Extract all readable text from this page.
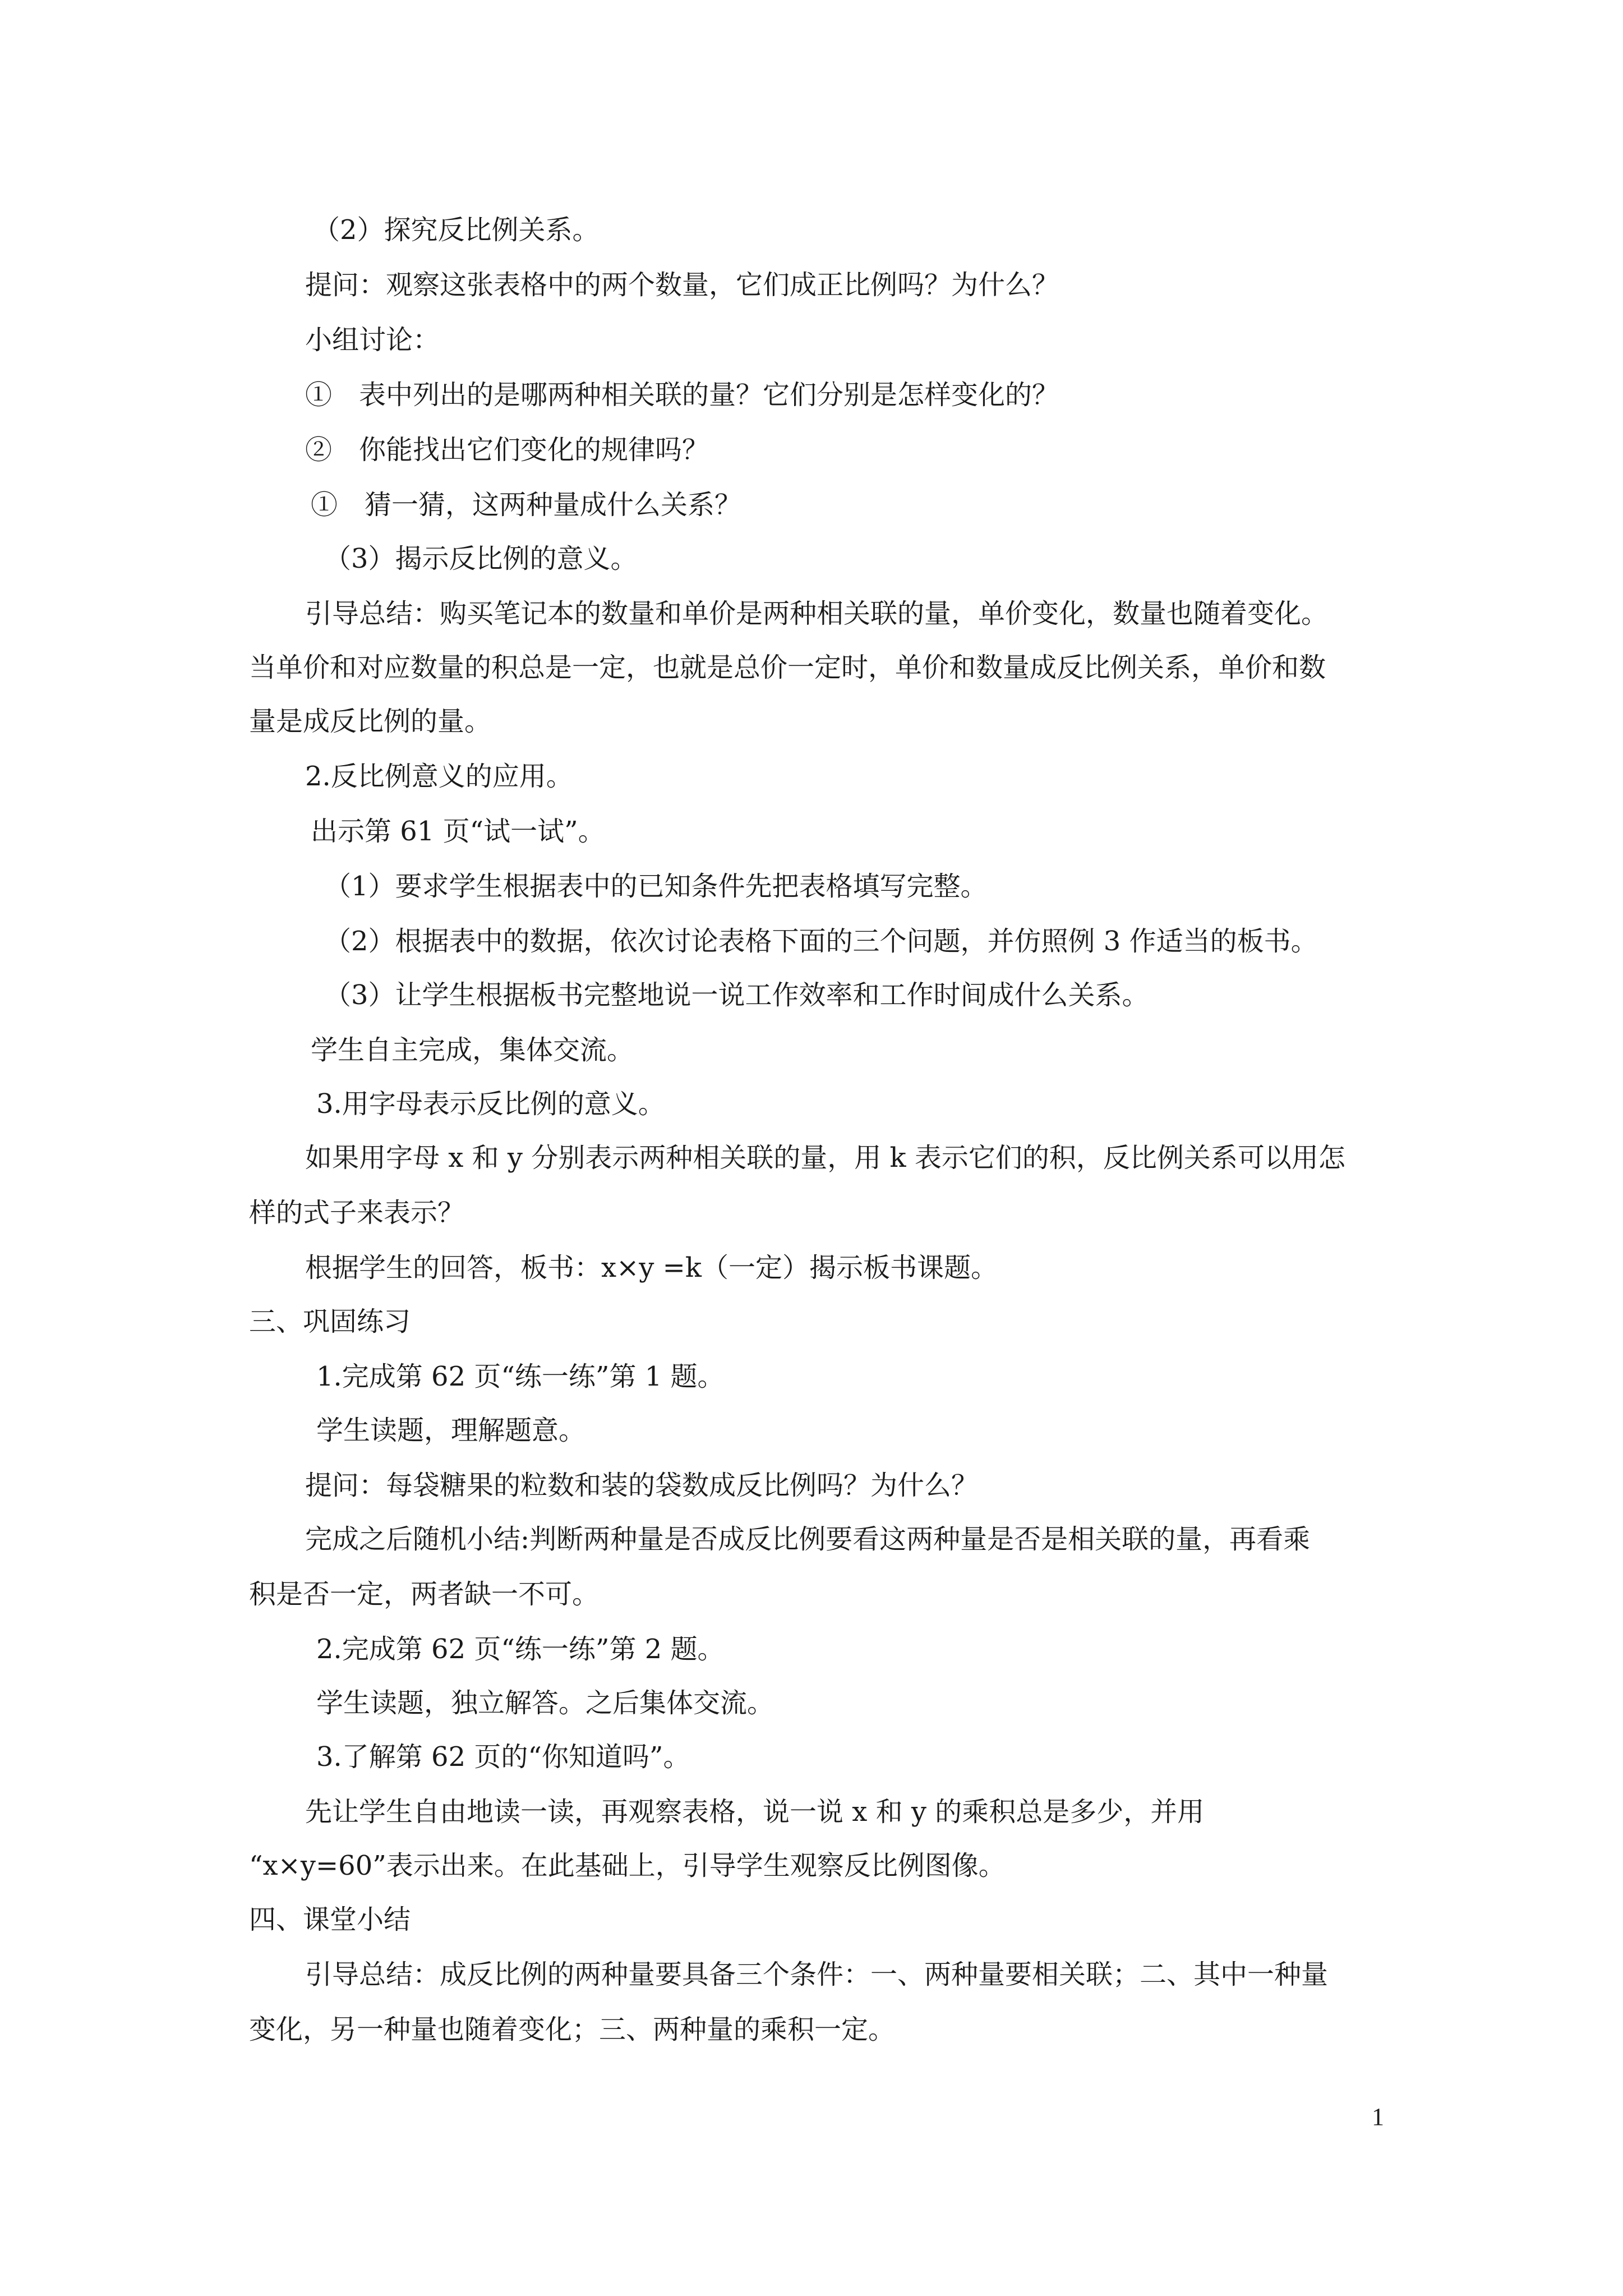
（2）探究反比例关系。

提问：观察这张表格中的两个数量，它们成正比例吗？为什么？

小组讨论：

①　表中列出的是哪两种相关联的量？它们分别是怎样变化的？

②　你能找出它们变化的规律吗？

①　猜一猜，这两种量成什么关系？

（3）揭示反比例的意义。

引导总结：购买笔记本的数量和单价是两种相关联的量，单价变化，数量也随着变化。

当单价和对应数量的积总是一定，也就是总价一定时，单价和数量成反比例关系，单价和数

量是成反比例的量。

2.反比例意义的应用。

出示第 61 页“试一试”。

（1）要求学生根据表中的已知条件先把表格填写完整。

（2）根据表中的数据，依次讨论表格下面的三个问题，并仿照例 3 作适当的板书。

（3）让学生根据板书完整地说一说工作效率和工作时间成什么关系。

学生自主完成，集体交流。

3.用字母表示反比例的意义。

如果用字母 x 和 y 分别表示两种相关联的量，用 k 表示它们的积，反比例关系可以用怎

样的式子来表示？

根据学生的回答，板书：x×y =k（一定）揭示板书课题。

三、巩固练习

1.完成第 62 页“练一练”第 1 题。

学生读题，理解题意。

提问：每袋糖果的粒数和装的袋数成反比例吗？为什么？

完成之后随机小结:判断两种量是否成反比例要看这两种量是否是相关联的量，再看乘

积是否一定，两者缺一不可。

2.完成第 62 页“练一练”第 2 题。

学生读题，独立解答。之后集体交流。

3.了解第 62 页的“你知道吗”。

先让学生自由地读一读，再观察表格，说一说 x 和 y 的乘积总是多少，并用

“x×y=60”表示出来。在此基础上，引导学生观察反比例图像。

四、课堂小结

引导总结：成反比例的两种量要具备三个条件：一、两种量要相关联；二、其中一种量

变化，另一种量也随着变化；三、两种量的乘积一定。

1
